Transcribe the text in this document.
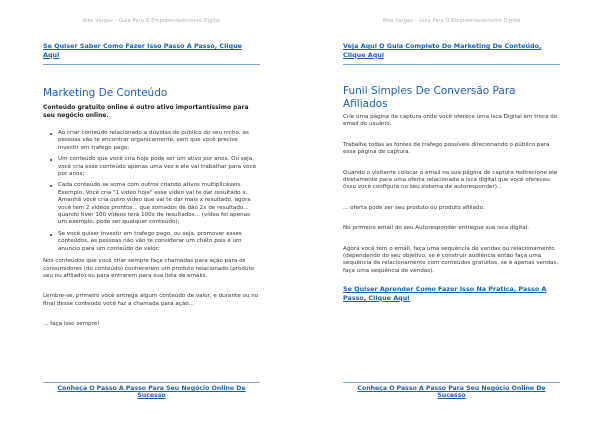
Alex Vargas – Guia Para O Empreendedorismo Digital
Se Quiser Saber Como Fazer Isso Passo A Passo, Clique Aqui
Marketing De Conteúdo
Conteúdo gratuito online é outro ativo importantíssimo para seu negócio online.
Ao criar conteúdo relacionado a dúvidas do público do seu nicho, as pessoas vão te encontrar organicamente, sem que você precise investir em trafego pago;
Um conteúdo que você cria hoje pode ser um ativo por anos. Ou seja, você cria esse conteúdo apenas uma vez e ele vai trabalhar para você por anos;
Cada conteúdo se soma com outros criando ativos multiplicáveis. Exemplo: Você cria "1 vídeo hoje" esse vídeo vai te dar resultado x. Amanhã você cria outro vídeo que vai te dar mais x resultado, agora você tem 2 vídeos prontos... que somados de dão 2x de resultado... quando tiver 100 vídeos terá 100x de resultados... (vídeo foi apenas um exemplo, pode ser qualquer conteúdo);
Se você quiser investir em trafego pago, ou seja, promover esses conteúdos, as pessoas não vão te considerar um chato pois é um anuncio para um conteúdo de valor;

Nos conteúdos que você criar sempre faça chamadas para ação para os consumidores (do conteúdo) conhecerem um produto relacionado (produto seu ou afiliado) ou para entrarem para sua lista de emails.

Lembre-se, primeiro você entrega algum conteúdo de valor, e durante ou no final desse conteúdo você faz a chamada para ação...

... faça isso sempre!

Conheça O Passo A Passo Para Seu Negócio Online De Sucesso
Alex Vargas – Guia Para O Empreendedorismo Digital
Veja Aqui O Guia Completo Do Marketing De Conteúdo, Clique Aqui
Funil Simples De Conversão Para Afiliados

Crie uma página de captura onde você oferece uma Isca Digital em troca do email do usuário.

Trabalhe todas as fontes de trafego possíveis direcionando o público para essa página de captura.

Quando o visitante colocar o email na sua página de captura redirecione ele diretamente para uma oferta relacionada a isca digital que você ofereceu (isso você configura no seu sistema de autoresponder)...

... oferta pode ser seu produto ou produto afiliado.

No primeiro email do seu Autoresponder entregue sua isca digital.

Agora você tem o email, faça uma sequência de vendas ou relacionamento (dependendo do seu objetivo, se é construir audiência então faça uma sequência de relacionamento com conteúdos gratuitos, se é apenas vendas, faça uma sequência de vendas).

Se Quiser Aprender Como Fazer Isso Na Pratica, Passo A Passo, Clique Aqui
Conheça O Passo A Passo Para Seu Negócio Online De Sucesso
